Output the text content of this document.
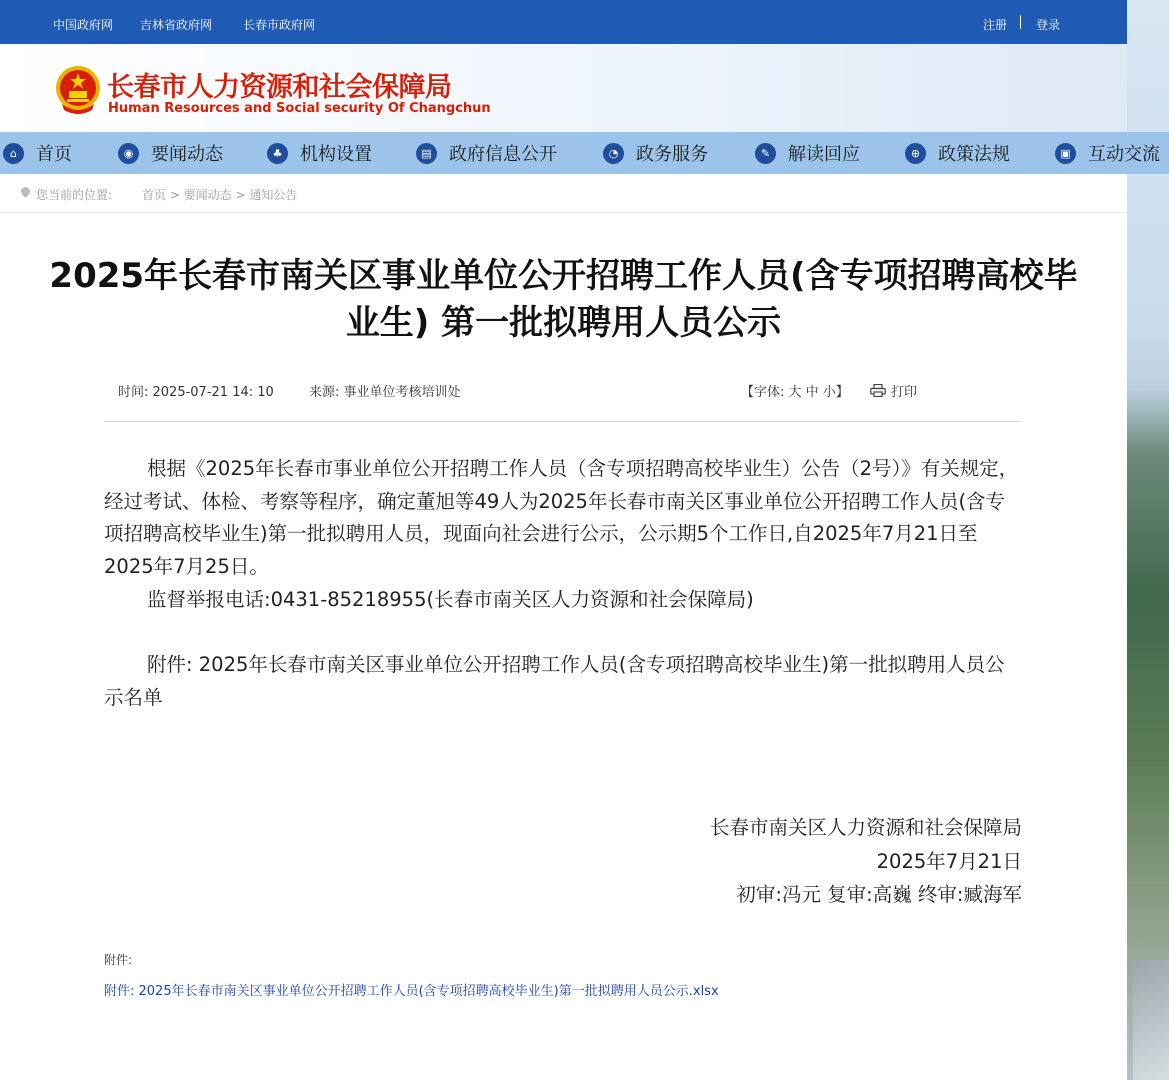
中国政府网 吉林省政府网	长春市政府网	注册 登录
长春市人力资源和社会保障局
Human Resources and Social security Of Changchun
您当前的位置: 首页 > 要闻动态 > 通知公告
2025年长春市南关区事业单位公开招聘工作人员(含专项招聘高校毕
业生) 第一批拟聘用人员公示
时间: 2025-07-21 14: 10	来源: 事业单位考核培训处	【字体: 大 中 小】	打印

根据《2025年长春市事业单位公开招聘工作人员（含专项招聘高校毕业生）公告（2号）》有关规定，经过考试、体检、考察等程序，确定董旭等49人为2025年长春市南关区事业单位公开招聘工作人员(含专项招聘高校毕业生)第一批拟聘用人员，现面向社会进行公示，公示期5个工作日,自2025年7月21日至2025年7月25日。

监督举报电话:0431-85218955(长春市南关区人力资源和社会保障局)

附件: 2025年长春市南关区事业单位公开招聘工作人员(含专项招聘高校毕业生)第一批拟聘用人员公示名单

长春市南关区人力资源和社会保障局
2025年7月21日
初审:冯元 复审:高巍 终审:臧海军
附件:
附件: 2025年长春市南关区事业单位公开招聘工作人员(含专项招聘高校毕业生)第一批拟聘用人员公示.xlsx
⌂	首页	◉ 要闻动态	♣ 机构设置	▤ 政府信息公开	◔ 政务服务	✎ 解读回应	⊕ 政策法规	▣ 互动交流
